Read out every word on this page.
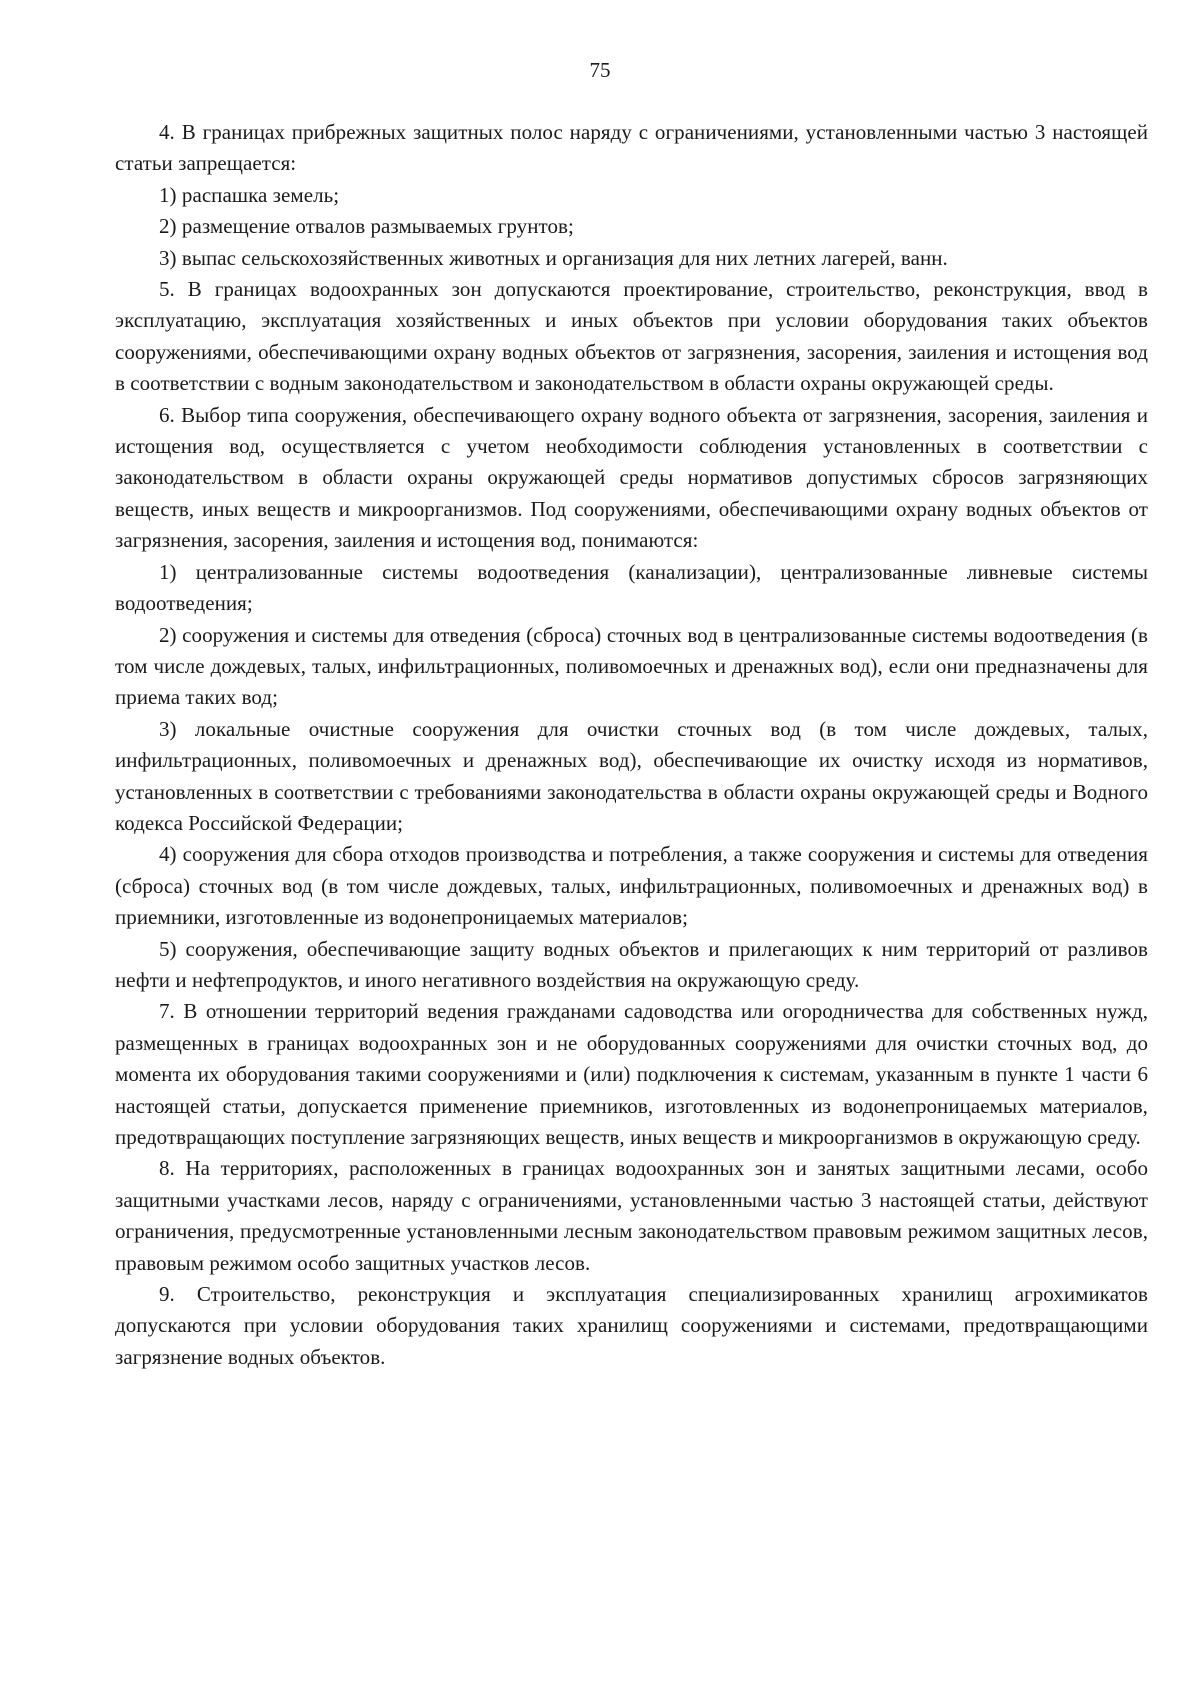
75

4. В границах прибрежных защитных полос наряду с ограничениями, установленными частью 3 настоящей статьи запрещается:

1) распашка земель;

2) размещение отвалов размываемых грунтов;

3) выпас сельскохозяйственных животных и организация для них летних лагерей, ванн.

5. В границах водоохранных зон допускаются проектирование, строительство, реконструкция, ввод в эксплуатацию, эксплуатация хозяйственных и иных объектов при условии оборудования таких объектов сооружениями, обеспечивающими охрану водных объектов от загрязнения, засорения, заиления и истощения вод в соответствии с водным законодательством и законодательством в области охраны окружающей среды.

6. Выбор типа сооружения, обеспечивающего охрану водного объекта от загрязнения, засорения, заиления и истощения вод, осуществляется с учетом необходимости соблюдения установленных в соответствии с законодательством в области охраны окружающей среды нормативов допустимых сбросов загрязняющих веществ, иных веществ и микроорганизмов. Под сооружениями, обеспечивающими охрану водных объектов от загрязнения, засорения, заиления и истощения вод, понимаются:

1) централизованные системы водоотведения (канализации), централизованные ливневые системы водоотведения;

2) сооружения и системы для отведения (сброса) сточных вод в централизованные системы водоотведения (в том числе дождевых, талых, инфильтрационных, поливомоечных и дренажных вод), если они предназначены для приема таких вод;

3) локальные очистные сооружения для очистки сточных вод (в том числе дождевых, талых, инфильтрационных, поливомоечных и дренажных вод), обеспечивающие их очистку исходя из нормативов, установленных в соответствии с требованиями законодательства в области охраны окружающей среды и Водного кодекса Российской Федерации;

4) сооружения для сбора отходов производства и потребления, а также сооружения и системы для отведения (сброса) сточных вод (в том числе дождевых, талых, инфильтрационных, поливомоечных и дренажных вод) в приемники, изготовленные из водонепроницаемых материалов;

5) сооружения, обеспечивающие защиту водных объектов и прилегающих к ним территорий от разливов нефти и нефтепродуктов, и иного негативного воздействия на окружающую среду.

7. В отношении территорий ведения гражданами садоводства или огородничества для собственных нужд, размещенных в границах водоохранных зон и не оборудованных сооружениями для очистки сточных вод, до момента их оборудования такими сооружениями и (или) подключения к системам, указанным в пункте 1 части 6 настоящей статьи, допускается применение приемников, изготовленных из водонепроницаемых материалов, предотвращающих поступление загрязняющих веществ, иных веществ и микроорганизмов в окружающую среду.

8. На территориях, расположенных в границах водоохранных зон и занятых защитными лесами, особо защитными участками лесов, наряду с ограничениями, установленными частью 3 настоящей статьи, действуют ограничения, предусмотренные установленными лесным законодательством правовым режимом защитных лесов, правовым режимом особо защитных участков лесов.

9. Строительство, реконструкция и эксплуатация специализированных хранилищ агрохимикатов допускаются при условии оборудования таких хранилищ сооружениями и системами, предотвращающими загрязнение водных объектов.
